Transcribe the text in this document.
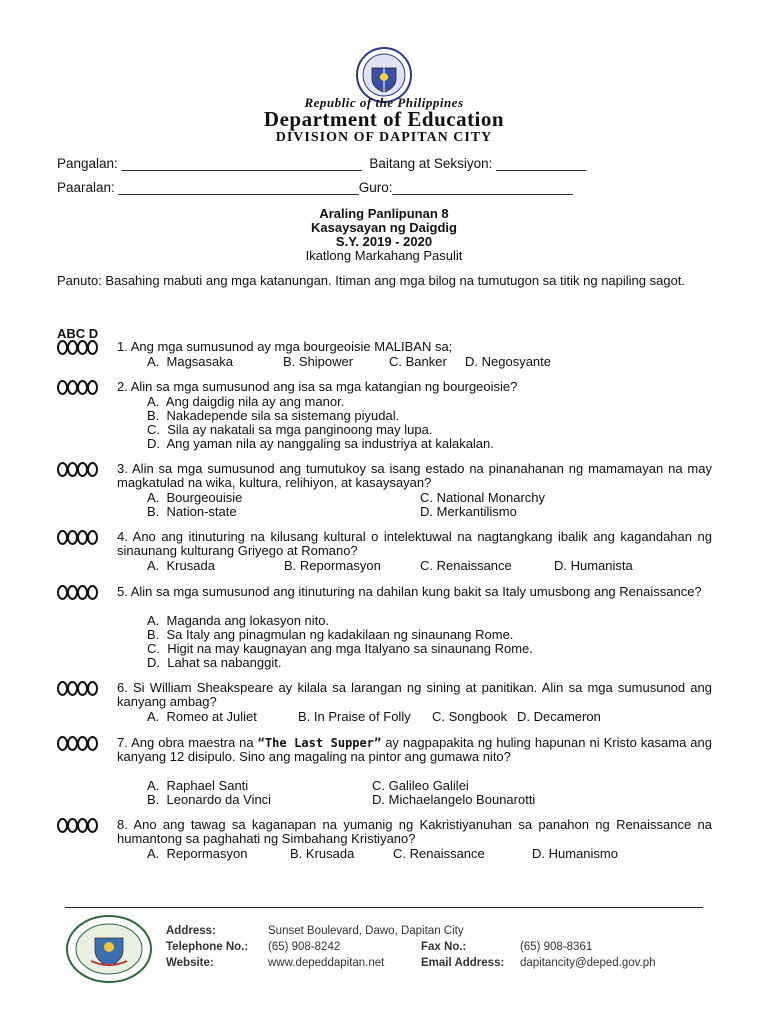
Republic of the Philippines
Department of Education
DIVISION OF DAPITAN CITY
Pangalan: ________________________________  Baitang at Seksiyon: ____________
Paaralan: ________________________________Guro:________________________
Araling Panlipunan 8
Kasaysayan ng Daigdig
S.Y. 2019 - 2020
Ikatlong Markahang Pasulit
Panuto: Basahing mabuti ang mga katanungan. Itiman ang mga bilog na tumutugon sa titik ng napiling sagot.
ABC D
1. Ang mga sumusunod ay mga bourgeoisie MALIBAN sa;
A.  Magsasaka	B. Shipower	C. Banker D. Negosyante
2. Alin sa mga sumusunod ang isa sa mga katangian ng bourgeoisie?
A.  Ang daigdig nila ay ang manor.
B.  Nakadepende sila sa sistemang piyudal.
C.  Sila ay nakatali sa mga panginoong may lupa.
D.  Ang yaman nila ay nanggaling sa industriya at kalakalan.
3. Alin sa mga sumusunod ang tumutukoy sa isang estado na pinanahanan ng mamamayan na may magkatulad na wika, kultura, relihiyon, at kasaysayan?
A.  Bourgeouisie	C. National Monarchy
B.  Nation-state	D. Merkantilismo
4. Ano ang itinuturing na kilusang kultural o intelektuwal na nagtangkang ibalik ang kagandahan ng sinaunang kulturang Griyego at Romano?
A.  Krusada	B. Repormasyon	C. Renaissance	D. Humanista
5. Alin sa mga sumusunod ang itinuturing na dahilan kung bakit sa Italy umusbong ang Renaissance?
A.  Maganda ang lokasyon nito.
B.  Sa Italy ang pinagmulan ng kadakilaan ng sinaunang Rome.
C.  Higit na may kaugnayan ang mga Italyano sa sinaunang Rome.
D.  Lahat sa nabanggit.
6. Si William Sheakspeare ay kilala sa larangan ng sining at panitikan. Alin sa mga sumusunod ang kanyang ambag?
A.  Romeo at Juliet	B. In Praise of Folly C. Songbook D. Decameron
7. Ang obra maestra na “The Last Supper” ay nagpapakita ng huling hapunan ni Kristo kasama ang kanyang 12 disipulo. Sino ang magaling na pintor ang gumawa nito?
A.  Raphael Santi	C. Galileo Galilei
B.  Leonardo da Vinci	D. Michaelangelo Bounarotti
8. Ano ang tawag sa kaganapan na yumanig ng Kakristiyanuhan sa panahon ng Renaissance na humantong sa paghahati ng Simbahang Kristiyano?
A.  Repormasyon	B. Krusada	C. Renaissance	D. Humanismo
Address:	Sunset Boulevard, Dawo, Dapitan City
Telephone No.: (65) 908-8242	Fax No.:	(65) 908-8361
Website:	www.depeddapitan.net	Email Address: dapitancity@deped.gov.ph
